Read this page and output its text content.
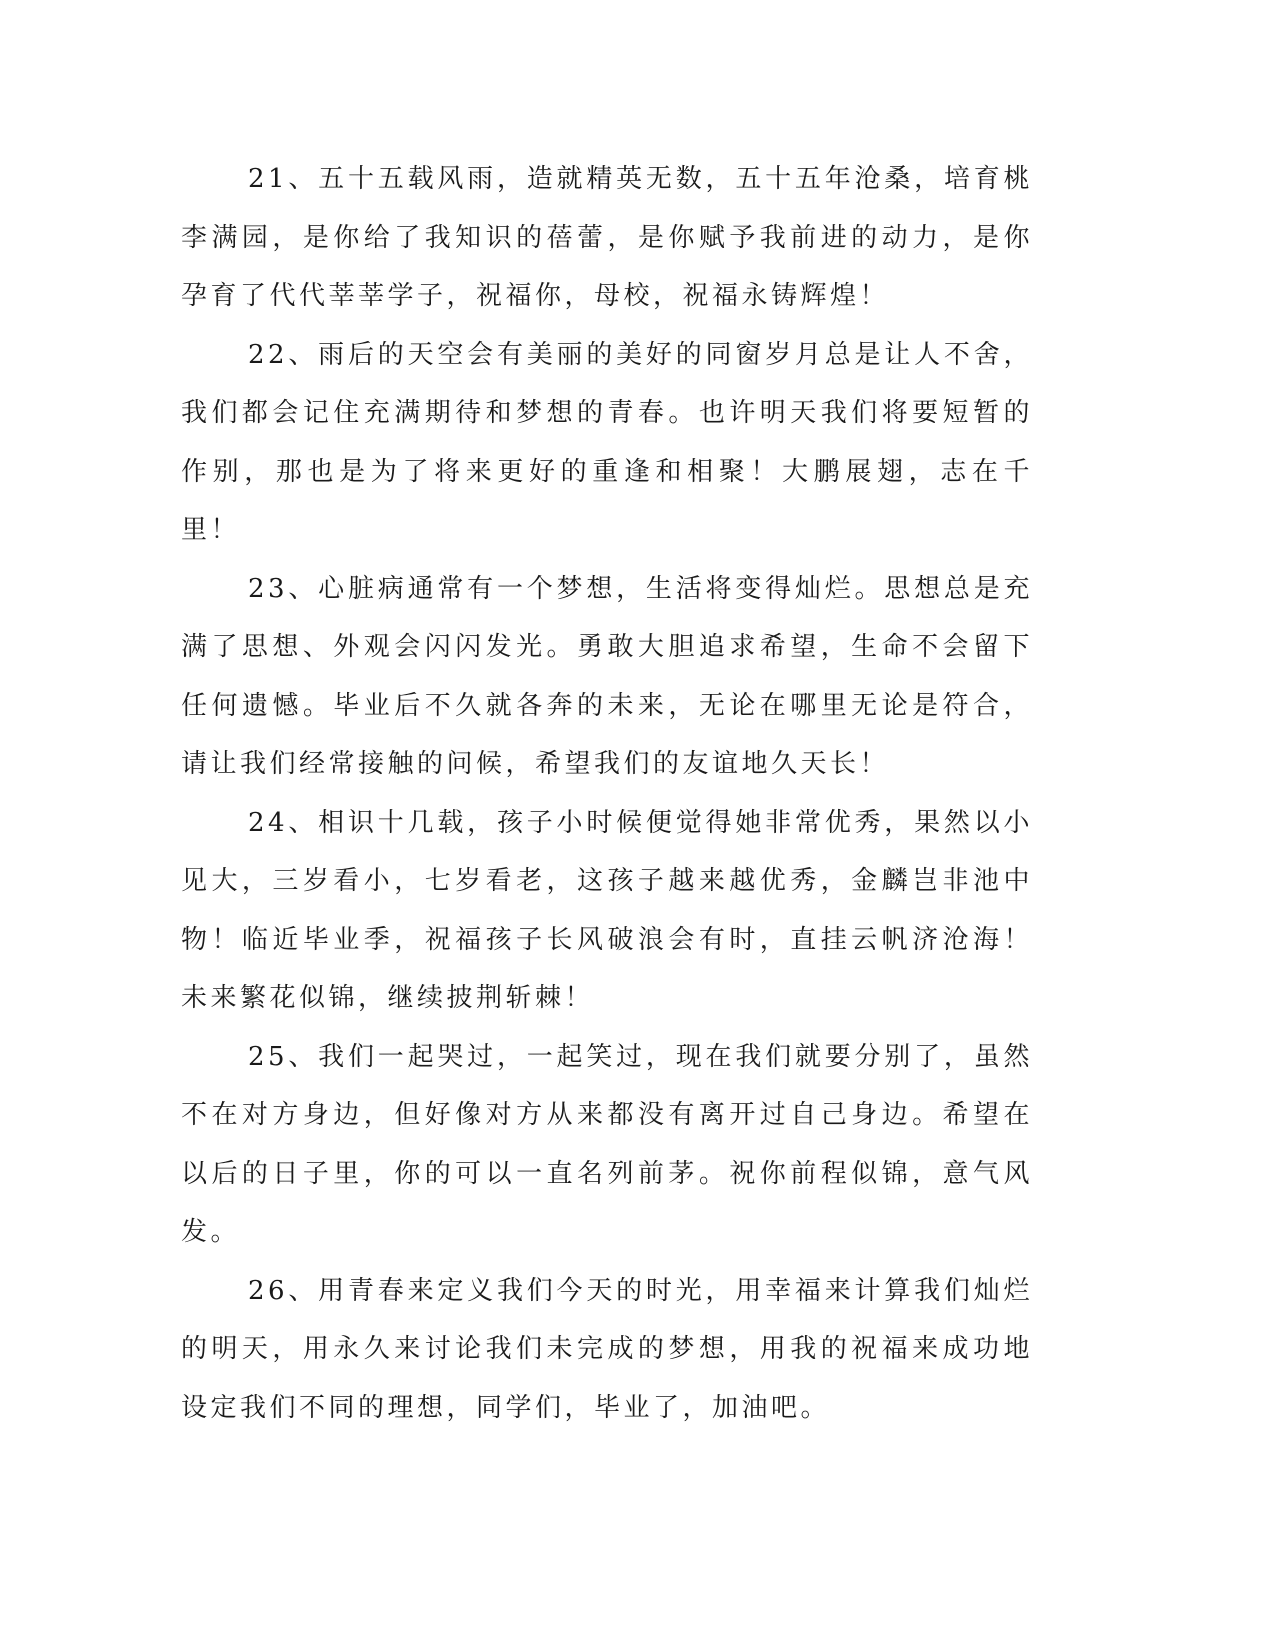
21、五十五载风雨，造就精英无数，五十五年沧桑，培育桃李满园，是你给了我知识的蓓蕾，是你赋予我前进的动力，是你孕育了代代莘莘学子，祝福你，母校，祝福永铸辉煌！

22、雨后的天空会有美丽的美好的同窗岁月总是让人不舍，我们都会记住充满期待和梦想的青春。也许明天我们将要短暂的作别，那也是为了将来更好的重逢和相聚！大鹏展翅，志在千里！

23、心脏病通常有一个梦想，生活将变得灿烂。思想总是充满了思想、外观会闪闪发光。勇敢大胆追求希望，生命不会留下任何遗憾。毕业后不久就各奔的未来，无论在哪里无论是符合，请让我们经常接触的问候，希望我们的友谊地久天长！

24、相识十几载，孩子小时候便觉得她非常优秀，果然以小见大，三岁看小，七岁看老，这孩子越来越优秀，金麟岂非池中物！临近毕业季，祝福孩子长风破浪会有时，直挂云帆济沧海！未来繁花似锦，继续披荆斩棘！

25、我们一起哭过，一起笑过，现在我们就要分别了，虽然不在对方身边，但好像对方从来都没有离开过自己身边。希望在以后的日子里，你的可以一直名列前茅。祝你前程似锦，意气风发。

26、用青春来定义我们今天的时光，用幸福来计算我们灿烂的明天，用永久来讨论我们未完成的梦想，用我的祝福来成功地设定我们不同的理想，同学们，毕业了，加油吧。
